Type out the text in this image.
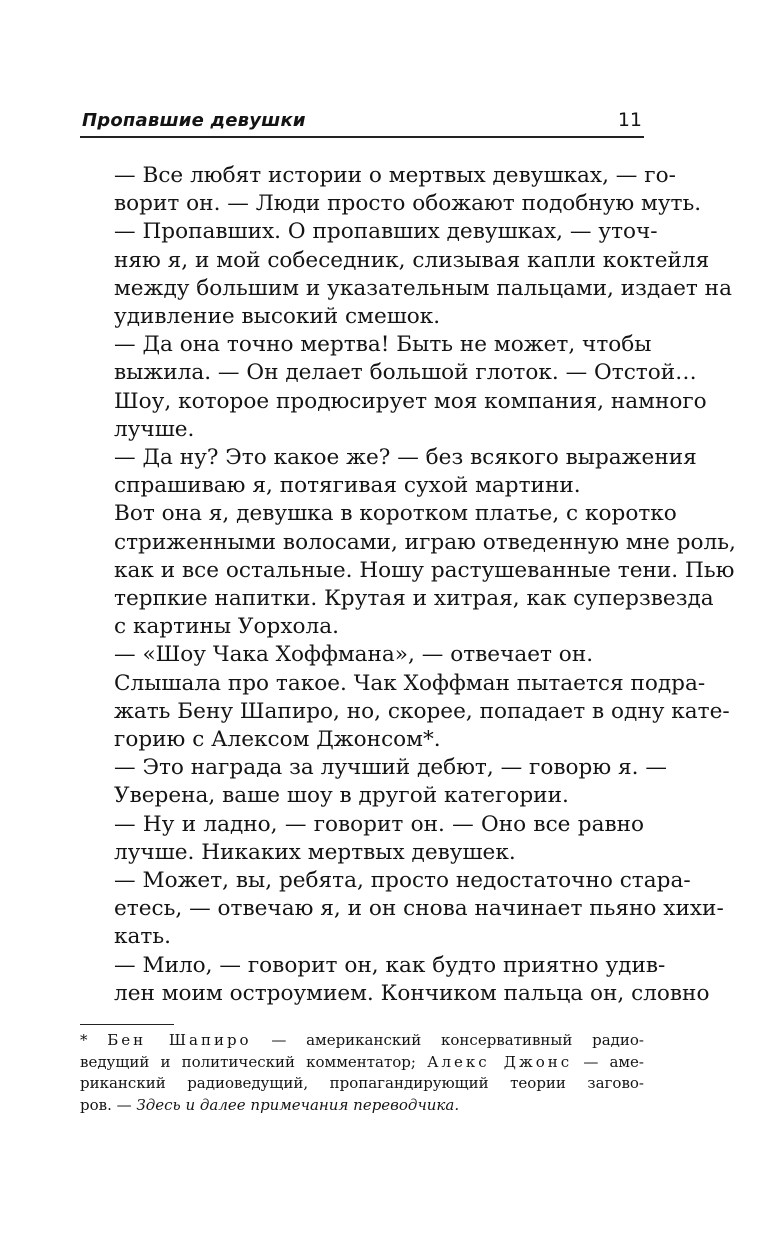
Пропавшие девушки	11

— Все любят истории о мертвых девушках, — го-
ворит он. — Люди просто обожают подобную муть.

— Пропавших. О пропавших девушках, — уточ-
няю я, и мой собеседник, слизывая капли коктейля
между большим и указательным пальцами, издает на
удивление высокий смешок.

— Да она точно мертва! Быть не может, чтобы
выжила. — Он делает большой глоток. — Отстой…
Шоу, которое продюсирует моя компания, намного
лучше.

— Да ну? Это какое же? — без всякого выражения
спрашиваю я, потягивая сухой мартини.

Вот она я, девушка в коротком платье, с коротко
стриженными волосами, играю отведенную мне роль,
как и все остальные. Ношу растушеванные тени. Пью
терпкие напитки. Крутая и хитрая, как суперзвезда
с картины Уорхола.

— «Шоу Чака Хоффмана», — отвечает он.

Слышала про такое. Чак Хоффман пытается подра-
жать Бену Шапиро, но, скорее, попадает в одну кате-
горию с Алексом Джонсом*.

— Это награда за лучший дебют, — говорю я. —
Уверена, ваше шоу в другой категории.

— Ну и ладно, — говорит он. — Оно все равно
лучше. Никаких мертвых девушек.

— Может, вы, ребята, просто недостаточно стара-
етесь, — отвечаю я, и он снова начинает пьяно хихи-
кать.

— Мило, — говорит он, как будто приятно удив-
лен моим остроумием. Кончиком пальца он, словно

* Бен Шапиро — американский консервативный радио-
ведущий и политический комментатор; Алекс Джонс — аме-
риканский радиоведущий, пропагандирующий теории загово-
ров. — Здесь и далее примечания переводчика.
